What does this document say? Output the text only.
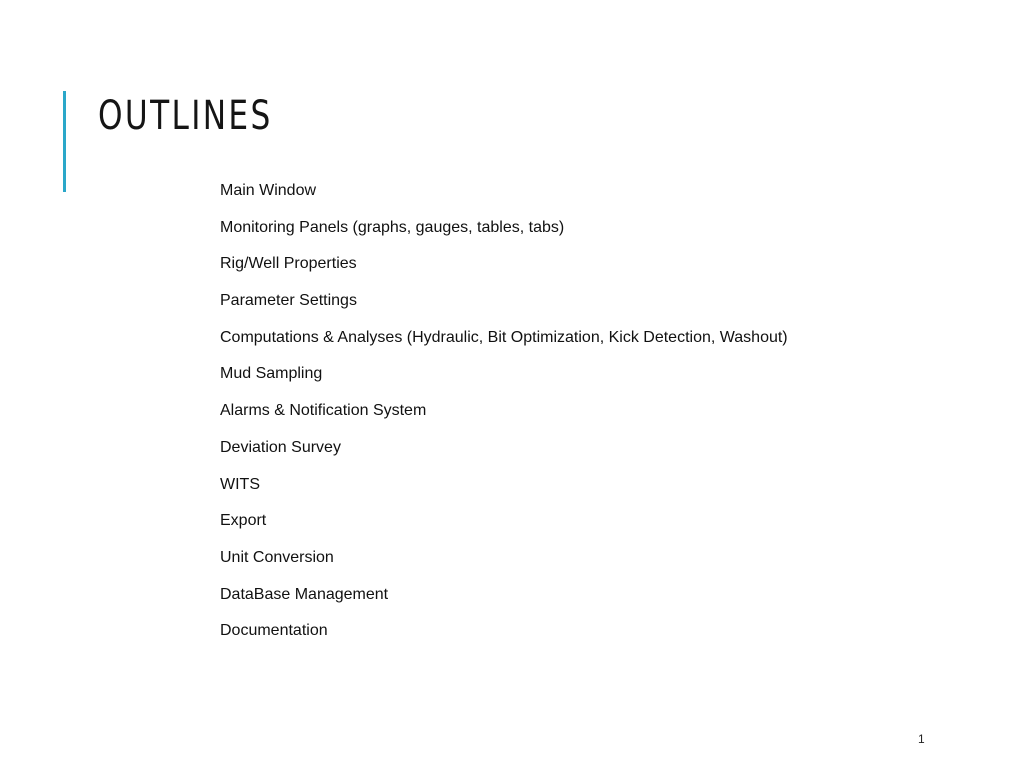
OUTLINES
Main Window
Monitoring Panels (graphs, gauges, tables, tabs)
Rig/Well Properties
Parameter Settings
Computations & Analyses (Hydraulic, Bit Optimization, Kick Detection, Washout)
Mud Sampling
Alarms & Notification System
Deviation Survey
WITS
Export
Unit Conversion
DataBase Management
Documentation
1
